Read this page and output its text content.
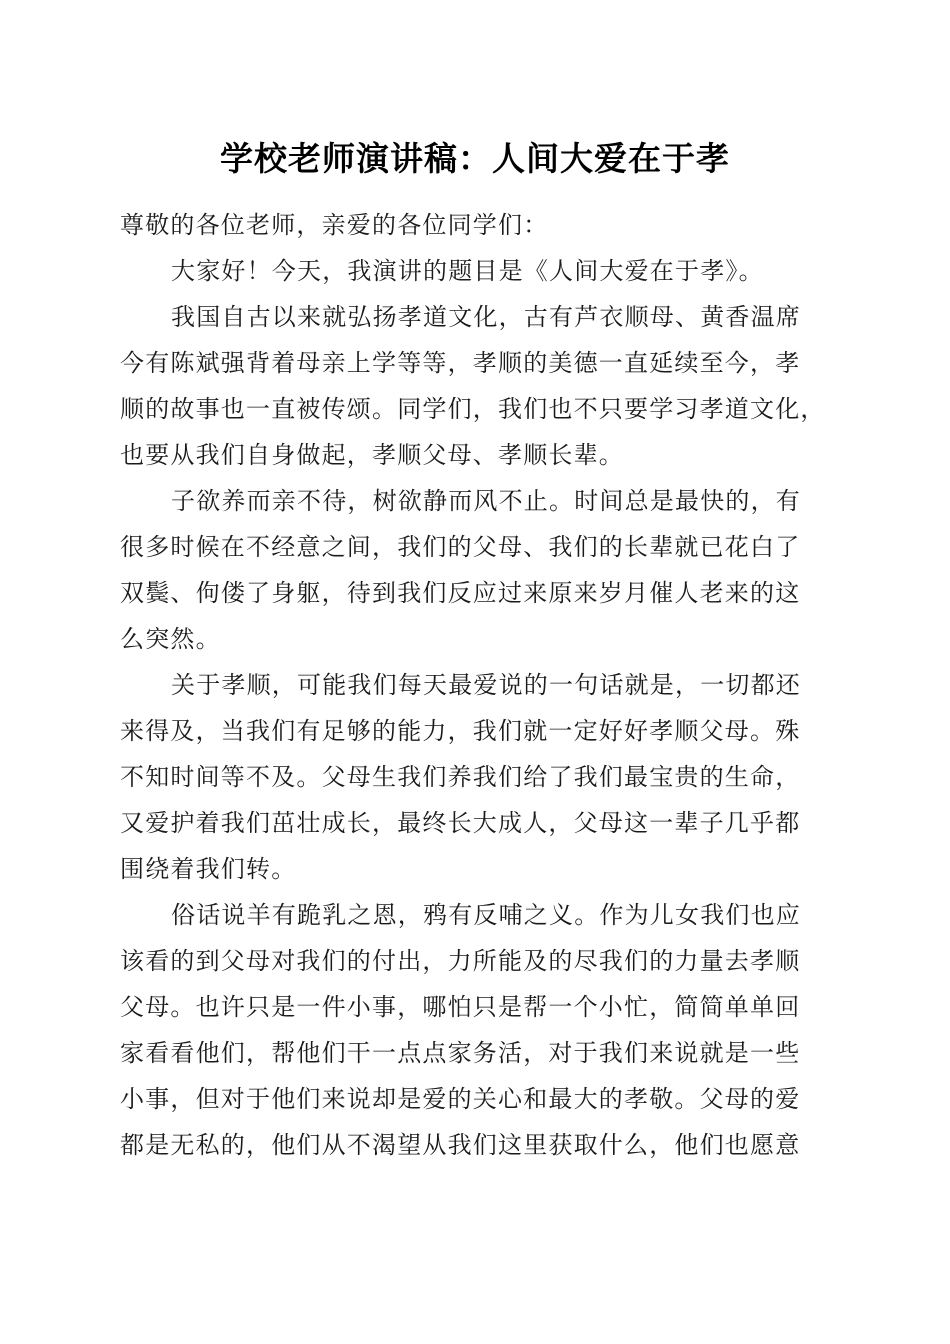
学校老师演讲稿：人间大爱在于孝
尊敬的各位老师，亲爱的各位同学们：
大家好！今天，我演讲的题目是《人间大爱在于孝》。
我国自古以来就弘扬孝道文化，古有芦衣顺母、黄香温席
今有陈斌强背着母亲上学等等，孝顺的美德一直延续至今，孝
顺的故事也一直被传颂。同学们，我们也不只要学习孝道文化，
也要从我们自身做起，孝顺父母、孝顺长辈。
子欲养而亲不待，树欲静而风不止。时间总是最快的，有
很多时候在不经意之间，我们的父母、我们的长辈就已花白了
双鬓、佝偻了身躯，待到我们反应过来原来岁月催人老来的这
么突然。
关于孝顺，可能我们每天最爱说的一句话就是，一切都还
来得及，当我们有足够的能力，我们就一定好好孝顺父母。殊
不知时间等不及。父母生我们养我们给了我们最宝贵的生命，
又爱护着我们茁壮成长，最终长大成人，父母这一辈子几乎都
围绕着我们转。
俗话说羊有跪乳之恩，鸦有反哺之义。作为儿女我们也应
该看的到父母对我们的付出，力所能及的尽我们的力量去孝顺
父母。也许只是一件小事，哪怕只是帮一个小忙，简简单单回
家看看他们，帮他们干一点点家务活，对于我们来说就是一些
小事，但对于他们来说却是爱的关心和最大的孝敬。父母的爱
都是无私的，他们从不渴望从我们这里获取什么，他们也愿意
